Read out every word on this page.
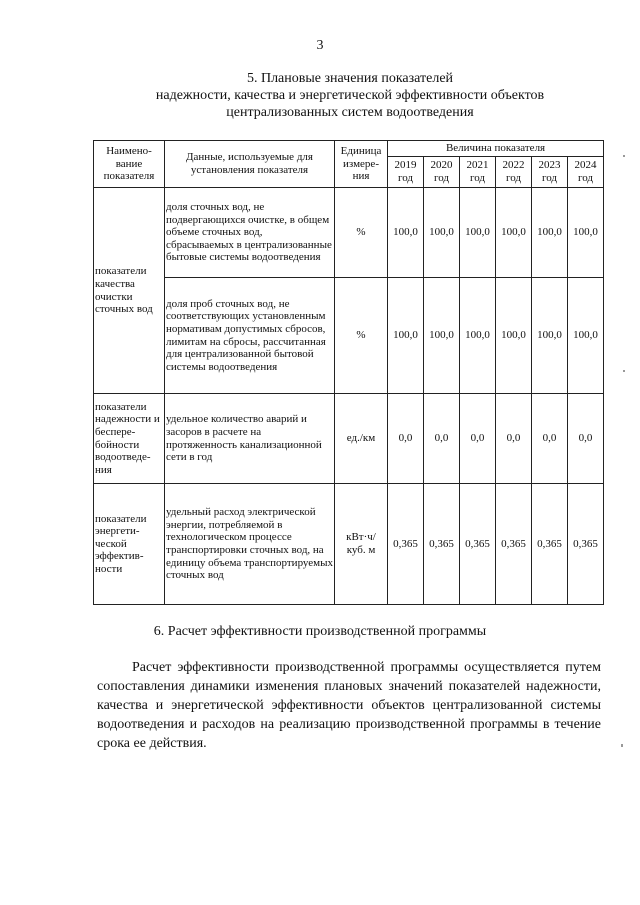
3
5. Плановые значения показателей
надежности, качества и энергетической эффективности объектов
централизованных систем водоотведения
Наимено-вание показателя	Данные, используемые для установления показателя	Единица измере-ния	Величина показателя					
			2019 год	2020 год	2021 год	2022 год	2023 год	2024 год
показатели качества очистки сточных вод	доля сточных вод, не подвергающихся очистке, в общем объеме сточных вод, сбрасываемых в централизованные бытовые системы водоотведения	%	100,0	100,0	100,0	100,0	100,0	100,0
	доля проб сточных вод, не соответствующих установленным нормативам допустимых сбросов, лимитам на сбросы, рассчитанная для централизованной бытовой системы водоотведения	%	100,0	100,0	100,0	100,0	100,0	100,0
показатели надежности и беспере-бойности водоотведе-ния	удельное количество аварий и засоров в расчете на протяженность канализационной сети в год	ед./км	0,0	0,0	0,0	0,0	0,0	0,0
показатели энергети-ческой эффектив-ности	удельный расход электрической энергии, потребляемой в технологическом процессе транспортировки сточных вод, на единицу объема транспортируемых сточных вод	кВт·ч/ куб. м	0,365	0,365	0,365	0,365	0,365	0,365
6. Расчет эффективности производственной программы
Расчет эффективности производственной программы осуществляется путем сопоставления динамики изменения плановых значений показателей надежности, качества и энергетической эффективности объектов централизованной системы водоотведения и расходов на реализацию производственной программы в течение срока ее действия.
